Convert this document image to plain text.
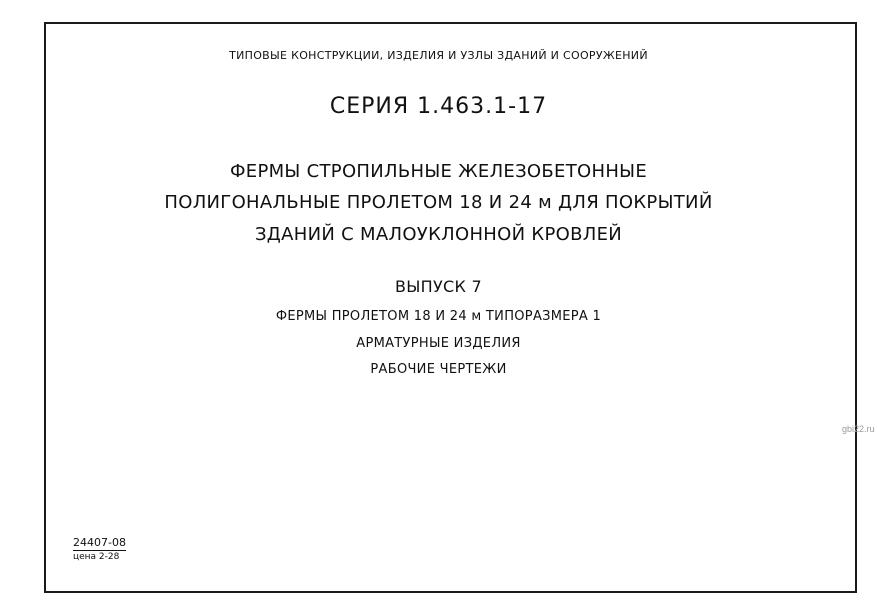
ТИПОВЫЕ КОНСТРУКЦИИ, ИЗДЕЛИЯ И УЗЛЫ ЗДАНИЙ И СООРУЖЕНИЙ
СЕРИЯ 1.463.1-17
ФЕРМЫ СТРОПИЛЬНЫЕ ЖЕЛЕЗОБЕТОННЫЕ
ПОЛИГОНАЛЬНЫЕ ПРОЛЕТОМ 18 И 24 м ДЛЯ ПОКРЫТИЙ
ЗДАНИЙ С МАЛОУКЛОННОЙ КРОВЛЕЙ
ВЫПУСК 7
ФЕРМЫ ПРОЛЕТОМ 18 И 24 м ТИПОРАЗМЕРА 1
АРМАТУРНЫЕ ИЗДЕЛИЯ
РАБОЧИЕ ЧЕРТЕЖИ
gbi22.ru
24407-08
цена 2-28
